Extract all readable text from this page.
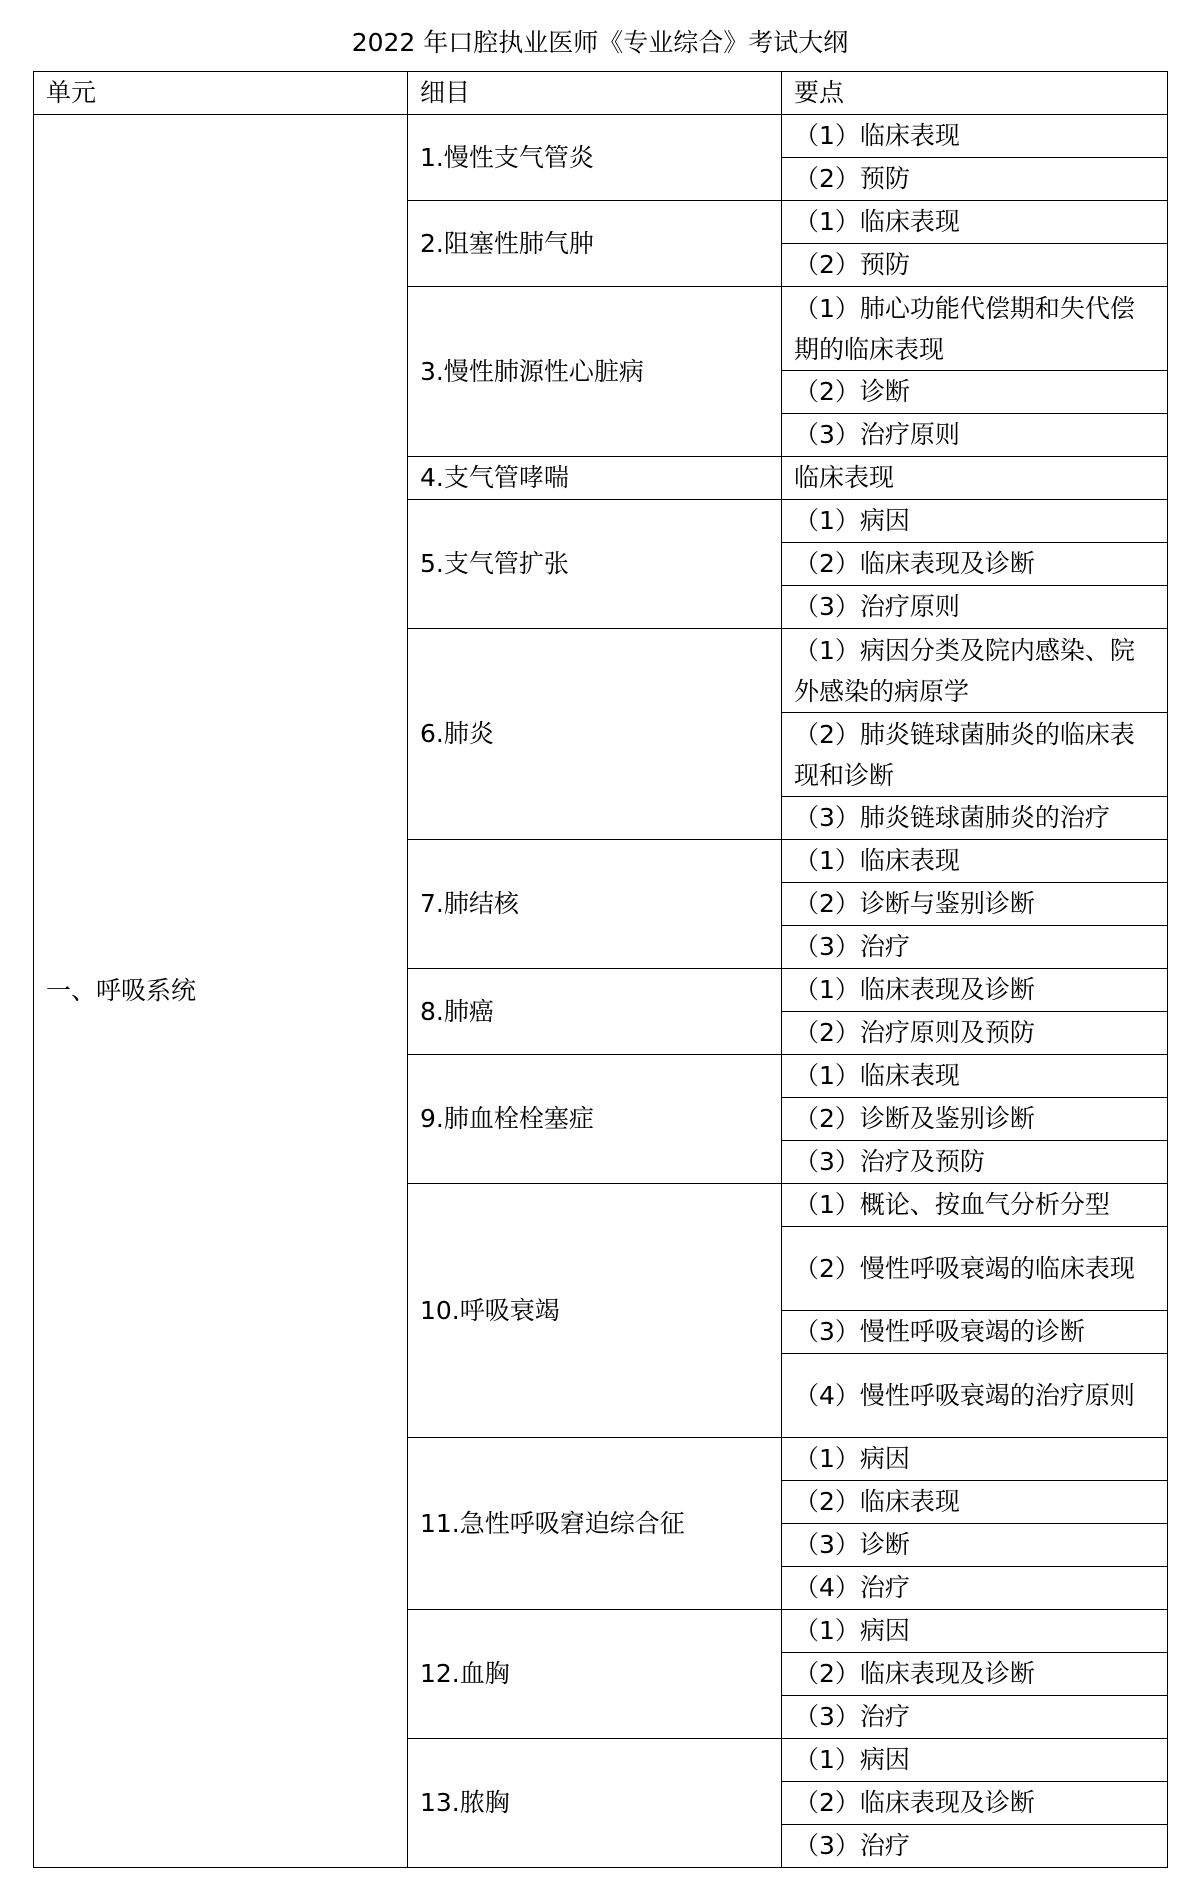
2022 年口腔执业医师《专业综合》考试大纲
单元	细目	要点
一、呼吸系统	1.慢性支气管炎	（1）临床表现
		（2）预防
	2.阻塞性肺气肿	（1）临床表现
		（2）预防
	3.慢性肺源性心脏病	（1）肺心功能代偿期和失代偿期的临床表现
		（2）诊断
		（3）治疗原则
	4.支气管哮喘	临床表现
	5.支气管扩张	（1）病因
		（2）临床表现及诊断
		（3）治疗原则
	6.肺炎	（1）病因分类及院内感染、院外感染的病原学
		（2）肺炎链球菌肺炎的临床表现和诊断
		（3）肺炎链球菌肺炎的治疗
	7.肺结核	（1）临床表现
		（2）诊断与鉴别诊断
		（3）治疗
	8.肺癌	（1）临床表现及诊断
		（2）治疗原则及预防
	9.肺血栓栓塞症	（1）临床表现
		（2）诊断及鉴别诊断
		（3）治疗及预防
	10.呼吸衰竭	（1）概论、按血气分析分型
		（2）慢性呼吸衰竭的临床表现
		（3）慢性呼吸衰竭的诊断
		（4）慢性呼吸衰竭的治疗原则
	11.急性呼吸窘迫综合征	（1）病因
		（2）临床表现
		（3）诊断
		（4）治疗
	12.血胸	（1）病因
		（2）临床表现及诊断
		（3）治疗
	13.脓胸	（1）病因
		（2）临床表现及诊断
		（3）治疗
